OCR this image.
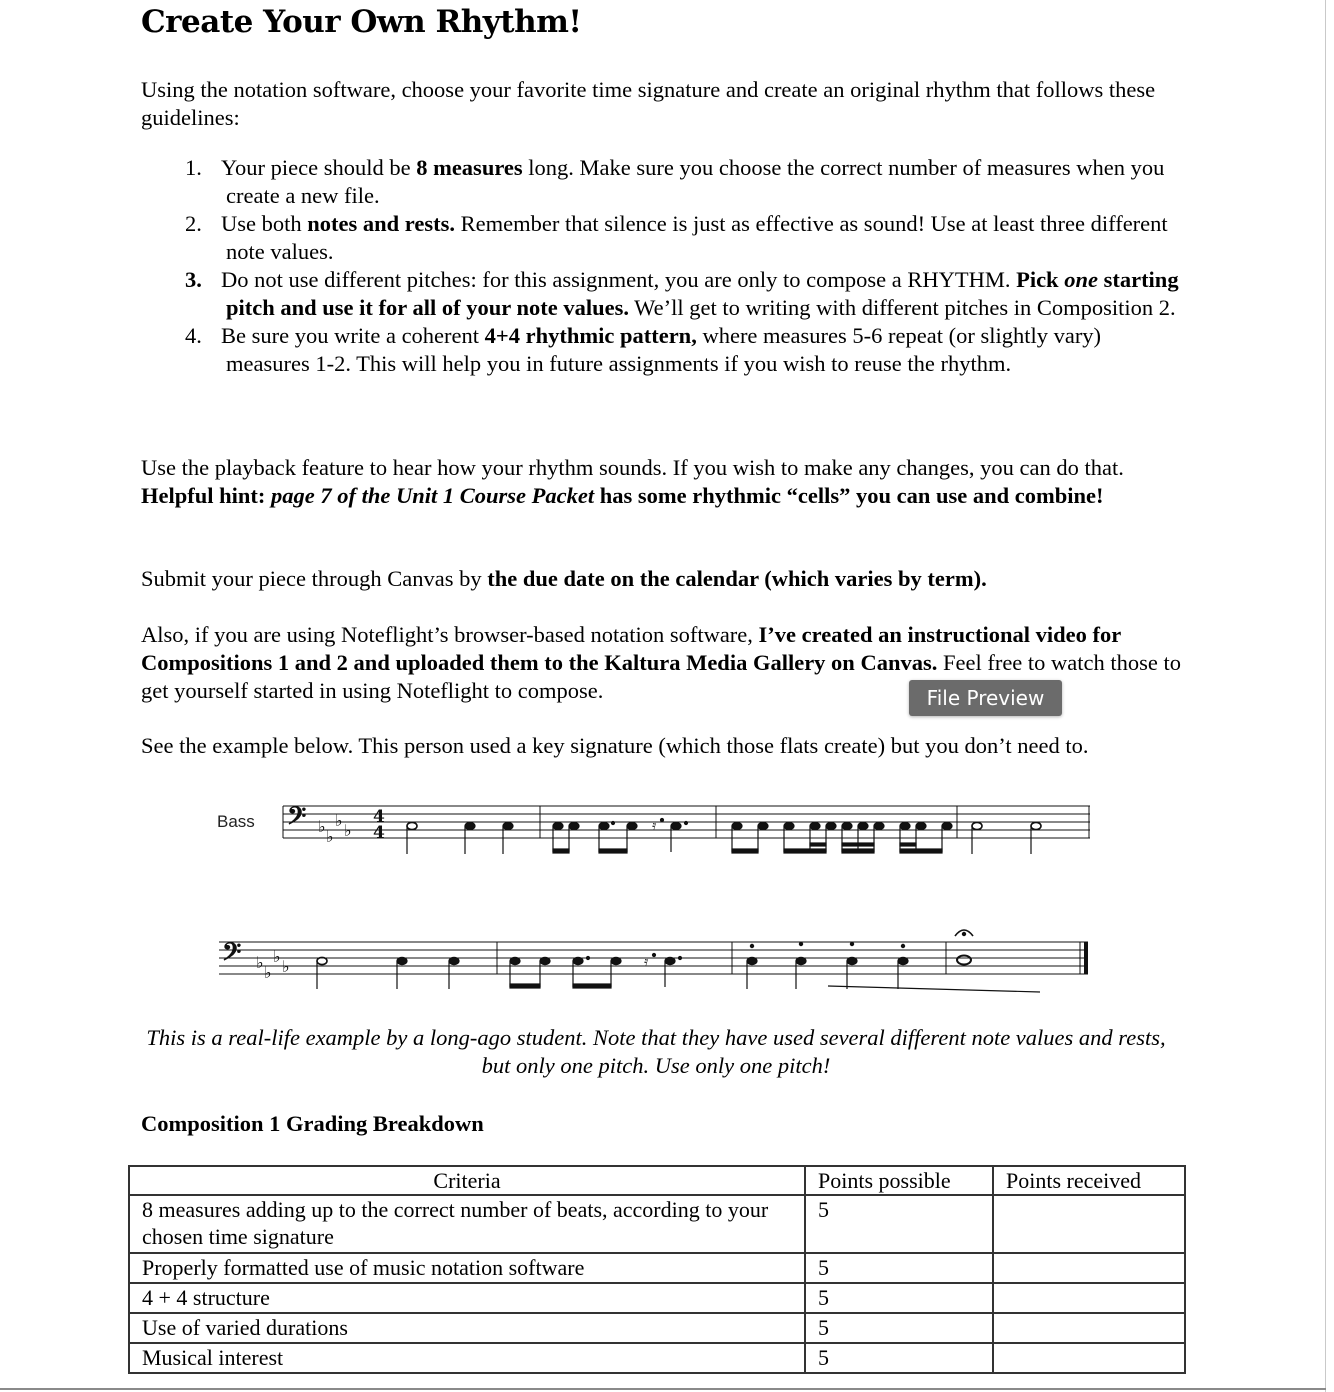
Create Your Own Rhythm!

Using the notation software, choose your favorite time signature and create an original rhythm that follows these guidelines:

1. Your piece should be 8 measures long. Make sure you choose the correct number of measures when you create a new file.
2. Use both notes and rests. Remember that silence is just as effective as sound! Use at least three different note values.
3. Do not use different pitches: for this assignment, you are only to compose a RHYTHM. Pick one starting pitch and use it for all of your note values. We’ll get to writing with different pitches in Composition 2.
4. Be sure you write a coherent 4+4 rhythmic pattern, where measures 5-6 repeat (or slightly vary) measures 1-2. This will help you in future assignments if you wish to reuse the rhythm.

Use the playback feature to hear how your rhythm sounds. If you wish to make any changes, you can do that. Helpful hint: page 7 of the Unit 1 Course Packet has some rhythmic “cells” you can use and combine!

Submit your piece through Canvas by the due date on the calendar (which varies by term).

Also, if you are using Noteflight’s browser-based notation software, I’ve created an instructional video for Compositions 1 and 2 and uploaded them to the Kaltura Media Gallery on Canvas. Feel free to watch those to get yourself started in using Noteflight to compose.	File Preview

See the example below. This person used a key signature (which those flats create) but you don’t need to.

Bass 𝄢 ♭
♭
♭
♭
4
4
𝄢 ♭
♭
♭
♭
𝄿
𝄿

This is a real-life example by a long-ago student. Note that they have used several different note values and rests, but only one pitch. Use only one pitch!

Composition 1 Grading Breakdown
Criteria	Points possible	Points received
8 measures adding up to the correct number of beats, according to your chosen time signature	5	
Properly formatted use of music notation software	5	
4 + 4 structure	5	
Use of varied durations	5	
Musical interest	5	
